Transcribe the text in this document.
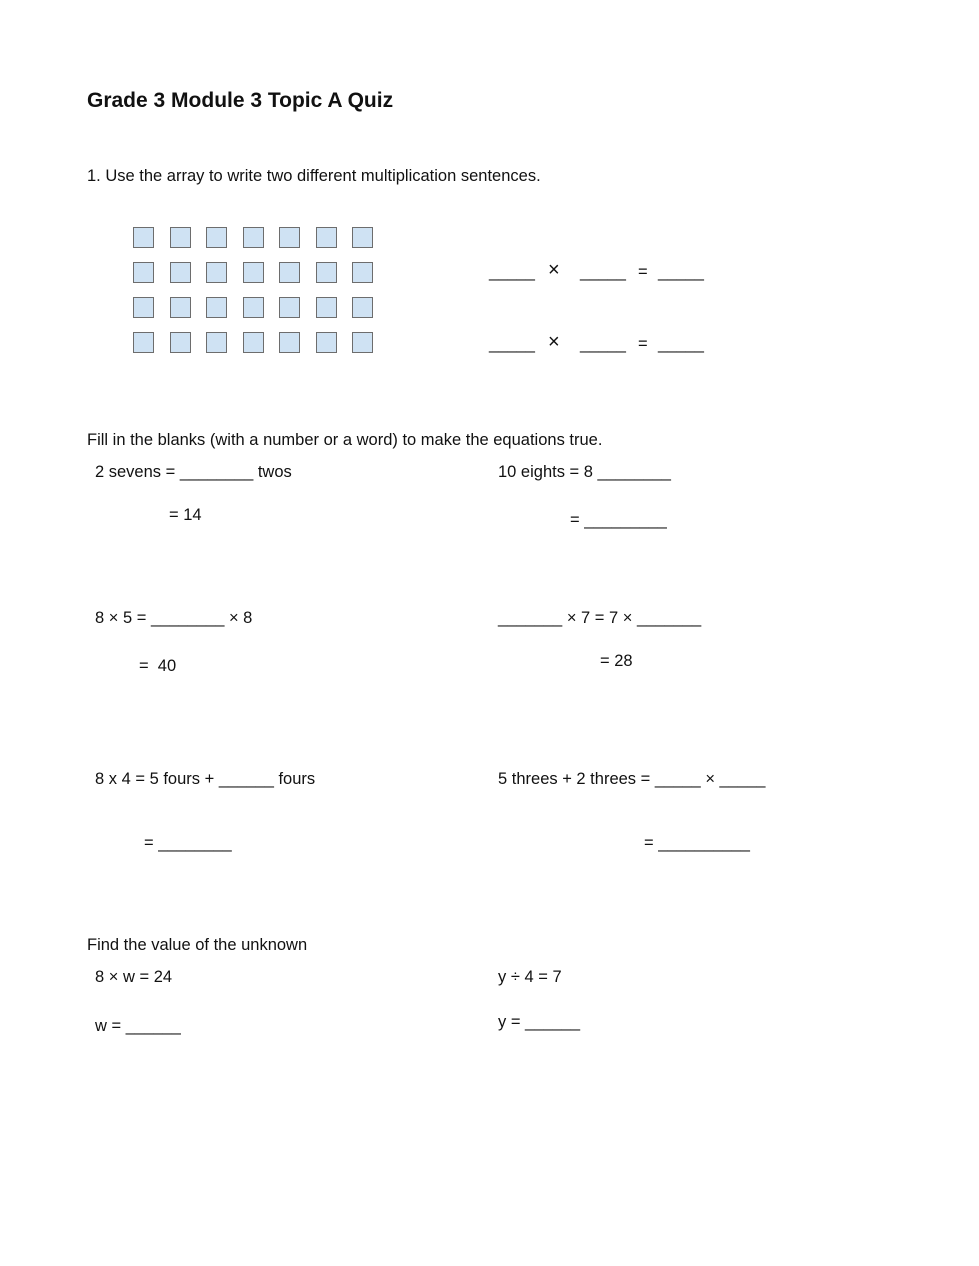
Grade 3 Module 3 Topic A Quiz
1. Use the array to write two different multiplication sentences.
_____ × _____ = _____
_____ × _____ = _____
Fill in the blanks (with a number or a word) to make the equations true.
2 sevens = ________ twos
= 14
10 eights = 8 ________
= _________
8 × 5 = ________ × 8
=  40
_______ × 7 = 7 × _______
= 28
8 x 4 = 5 fours + ______ fours
= ________
5 threes + 2 threes = _____ × _____
= __________
Find the value of the unknown
8 × w = 24
w = ______
y ÷ 4 = 7
y = ______
